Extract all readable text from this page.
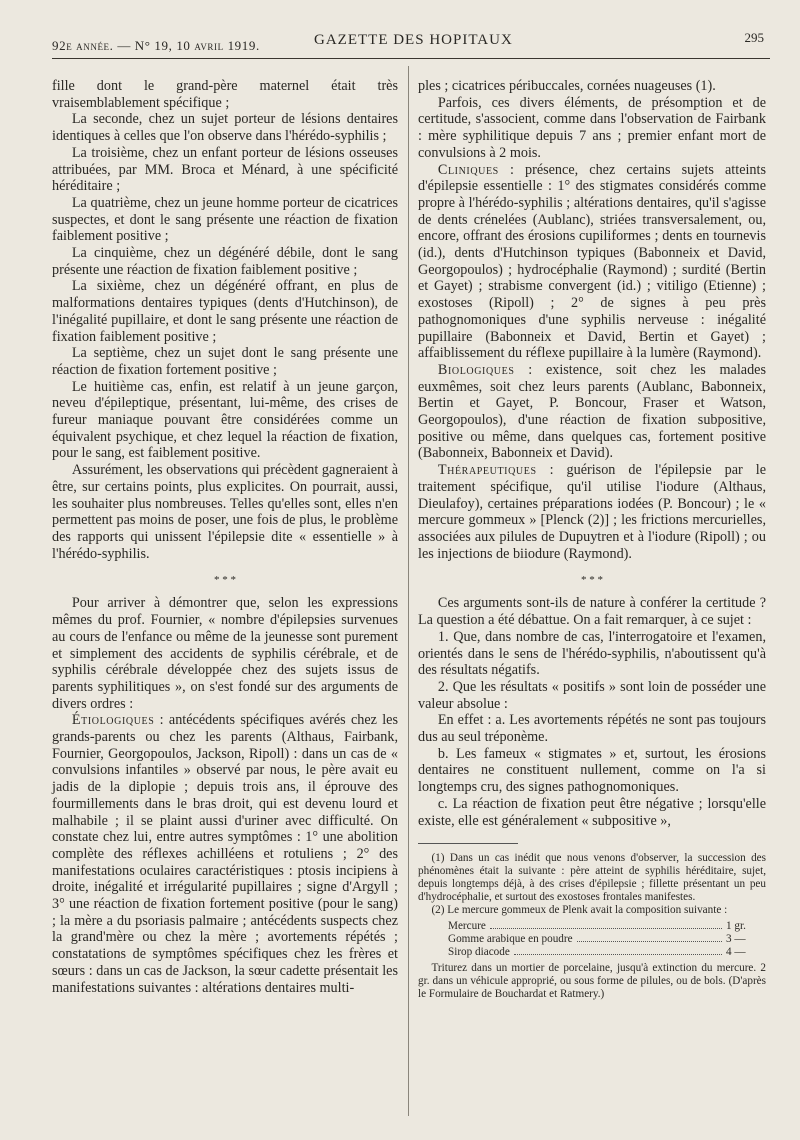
92e année. — N° 19, 10 avril 1919.	GAZETTE DES HOPITAUX	295

fille dont le grand-père maternel était très vraisemblablement spécifique ;

La seconde, chez un sujet porteur de lésions dentaires identiques à celles que l'on observe dans l'hérédo-syphilis ;

La troisième, chez un enfant porteur de lésions osseuses attribuées, par MM. Broca et Ménard, à une spécificité héréditaire ;

La quatrième, chez un jeune homme porteur de cicatrices suspectes, et dont le sang présente une réaction de fixation faiblement positive ;

La cinquième, chez un dégénéré débile, dont le sang présente une réaction de fixation faiblement positive ;

La sixième, chez un dégénéré offrant, en plus de malformations dentaires typiques (dents d'Hutchinson), de l'inégalité pupillaire, et dont le sang présente une réaction de fixation faiblement positive ;

La septième, chez un sujet dont le sang présente une réaction de fixation fortement positive ;

Le huitième cas, enfin, est relatif à un jeune garçon, neveu d'épileptique, présentant, lui-même, des crises de fureur maniaque pouvant être considérées comme un équivalent psychique, et chez lequel la réaction de fixation, pour le sang, est faiblement positive.

Assurément, les observations qui précèdent gagneraient à être, sur certains points, plus explicites. On pourrait, aussi, les souhaiter plus nombreuses. Telles qu'elles sont, elles n'en permettent pas moins de poser, une fois de plus, le problème des rapports qui unissent l'épilepsie dite « essentielle » à l'hérédo-syphilis.

* * *

Pour arriver à démontrer que, selon les expressions mêmes du prof. Fournier, « nombre d'épilepsies survenues au cours de l'enfance ou même de la jeunesse sont purement et simplement des accidents de syphilis cérébrale, et de syphilis cérébrale développée chez des sujets issus de parents syphilitiques », on s'est fondé sur des arguments de divers ordres :

Étiologiques : antécédents spécifiques avérés chez les grands-parents ou chez les parents (Althaus, Fairbank, Fournier, Georgopoulos, Jackson, Ripoll) : dans un cas de « convulsions infantiles » observé par nous, le père avait eu jadis de la diplopie ; depuis trois ans, il éprouve des fourmillements dans le bras droit, qui est devenu lourd et malhabile ; il se plaint aussi d'uriner avec difficulté. On constate chez lui, entre autres symptômes : 1° une abolition complète des réflexes achilléens et rotuliens ; 2° des manifestations oculaires caractéristiques : ptosis incipiens à droite, inégalité et irrégularité pupillaires ; signe d'Argyll ; 3° une réaction de fixation fortement positive (pour le sang) ; la mère a du psoriasis palmaire ; antécédents suspects chez la grand'mère ou chez la mère ; avortements répétés ; constatations de symptômes spécifiques chez les frères et sœurs : dans un cas de Jackson, la sœur cadette présentait les manifestations suivantes : altérations dentaires multi-

ples ; cicatrices péribuccales, cornées nuageuses (1).

Parfois, ces divers éléments, de présomption et de certitude, s'associent, comme dans l'observation de Fairbank : mère syphilitique depuis 7 ans ; premier enfant mort de convulsions à 2 mois.

Cliniques : présence, chez certains sujets atteints d'épilepsie essentielle : 1° des stigmates considérés comme propre à l'hérédo-syphilis ; altérations dentaires, qu'il s'agisse de dents crénelées (Aublanc), striées transversalement, ou, encore, offrant des érosions cupiliformes ; dents en tournevis (id.), dents d'Hutchinson typiques (Babonneix et David, Georgopoulos) ; hydrocéphalie (Raymond) ; surdité (Bertin et Gayet) ; strabisme convergent (id.) ; vitiligo (Etienne) ; exostoses (Ripoll) ; 2° de signes à peu près pathognomoniques d'une syphilis nerveuse : inégalité pupillaire (Babonneix et David, Bertin et Gayet) ; affaiblissement du réflexe pupillaire à la lumère (Raymond).

Biologiques : existence, soit chez les malades euxmêmes, soit chez leurs parents (Aublanc, Babonneix, Bertin et Gayet, P. Boncour, Fraser et Watson, Georgopoulos), d'une réaction de fixation subpositive, positive ou même, dans quelques cas, fortement positive (Babonneix, Babonneix et David).

Thérapeutiques : guérison de l'épilepsie par le traitement spécifique, qu'il utilise l'iodure (Althaus, Dieulafoy), certaines préparations iodées (P. Boncour) ; le « mercure gommeux » [Plenck (2)] ; les frictions mercurielles, associées aux pilules de Dupuytren et à l'iodure (Ripoll) ; ou les injections de biiodure (Raymond).

* * *

Ces arguments sont-ils de nature à conférer la certitude ? La question a été débattue. On a fait remarquer, à ce sujet :

1. Que, dans nombre de cas, l'interrogatoire et l'examen, orientés dans le sens de l'hérédo-syphilis, n'aboutissent qu'à des résultats négatifs.

2. Que les résultats « positifs » sont loin de posséder une valeur absolue :

En effet : a. Les avortements répétés ne sont pas toujours dus au seul tréponème.

b. Les fameux « stigmates » et, surtout, les érosions dentaires ne constituent nullement, comme on l'a si longtemps cru, des signes pathognomoniques.

c. La réaction de fixation peut être négative ; lorsqu'elle existe, elle est généralement « subpositive »,

(1) Dans un cas inédit que nous venons d'observer, la succession des phénomènes était la suivante : père atteint de syphilis héréditaire, sujet, depuis longtemps déjà, à des crises d'épilepsie ; fillette présentant un peu d'hydrocéphalie, et surtout des exostoses frontales manifestes.

(2) Le mercure gommeux de Plenk avait la composition suivante :

Mercure	1 gr.
Gomme arabique en poudre	3 —
Sirop diacode	4 —

Triturez dans un mortier de porcelaine, jusqu'à extinction du mercure. 2 gr. dans un véhicule approprié, ou sous forme de pilules, ou de bols. (D'après le Formulaire de Bouchardat et Ratmery.)
